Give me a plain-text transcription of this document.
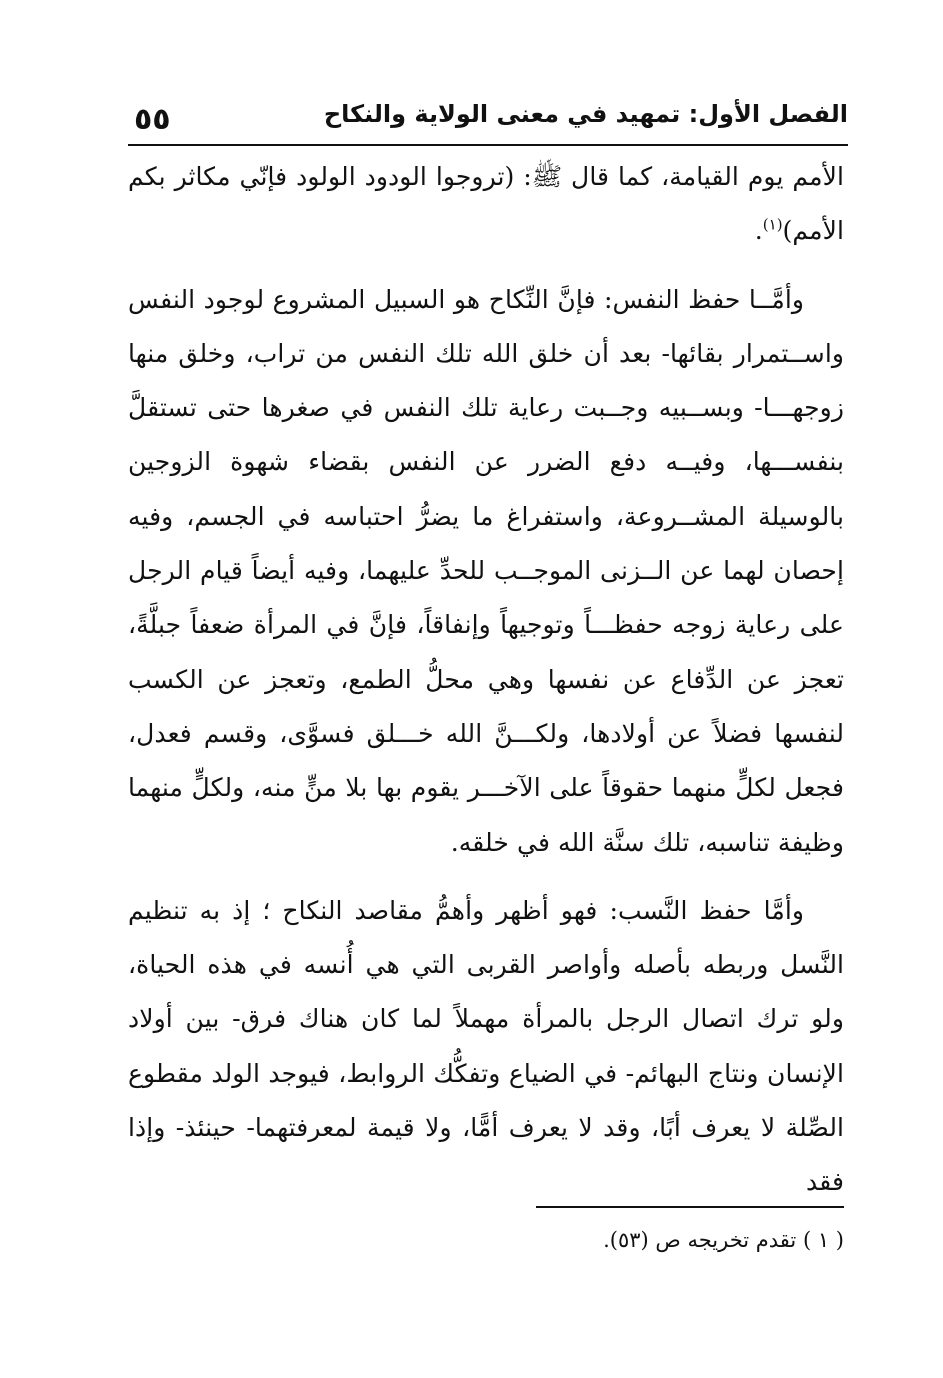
٥٥	الفصل الأول: تمهيد في معنى الولاية والنكاح

الأمم يوم القيامة، كما قال ﷺ: (تروجوا الودود الولود فإنّي مكاثر بكم الأمم)$^{(١)}$.

وأمَّــا حفظ النفس: فإنَّ النِّكاح هو السبيل المشروع لوجود النفس واســتمرار بقائها- بعد أن خلق الله تلك النفس من تراب، وخلق منها زوجهـــا- وبســبيه وجــبت رعاية تلك النفس في صغرها حتى تستقلَّ بنفســـها، وفيــه دفع الضرر عن النفس بقضاء شهوة الزوجين بالوسيلة المشــروعة، واستفراغ ما يضرُّ احتباسه في الجسم، وفيه إحصان لهما عن الــزنى الموجــب للحدِّ عليهما، وفيه أيضاً قيام الرجل على رعاية زوجه حفظـــاً وتوجيهاً وإنفاقاً، فإنَّ في المرأة ضعفاً جبلَّةً، تعجز عن الدِّفاع عن نفسها وهي محلُّ الطمع، وتعجز عن الكسب لنفسها فضلاً عن أولادها، ولكـــنَّ الله خـــلق فسوَّى، وقسم فعدل، فجعل لكلٍّ منهما حقوقاً على الآخـــر يقوم بها بلا منٍّ منه، ولكلٍّ منهما وظيفة تناسبه، تلك سنَّة الله في خلقه.

وأمَّا حفظ النَّسب: فهو أظهر وأهمُّ مقاصد النكاح ؛ إذ به تنظيم النَّسل وربطه بأصله وأواصر القربى التي هي أُنسه في هذه الحياة، ولو ترك اتصال الرجل بالمرأة مهملاً لما كان هناك فرق- بين أولاد الإنسان ونتاج البهائم- في الضياع وتفكُّك الروابط، فيوجد الولد مقطوع الصِّلة لا يعرف أبًا، وقد لا يعرف أمًّا، ولا قيمة لمعرفتهما- حينئذ- وإذا فقد

( ١ ) تقدم تخريجه ص (٥٣).
